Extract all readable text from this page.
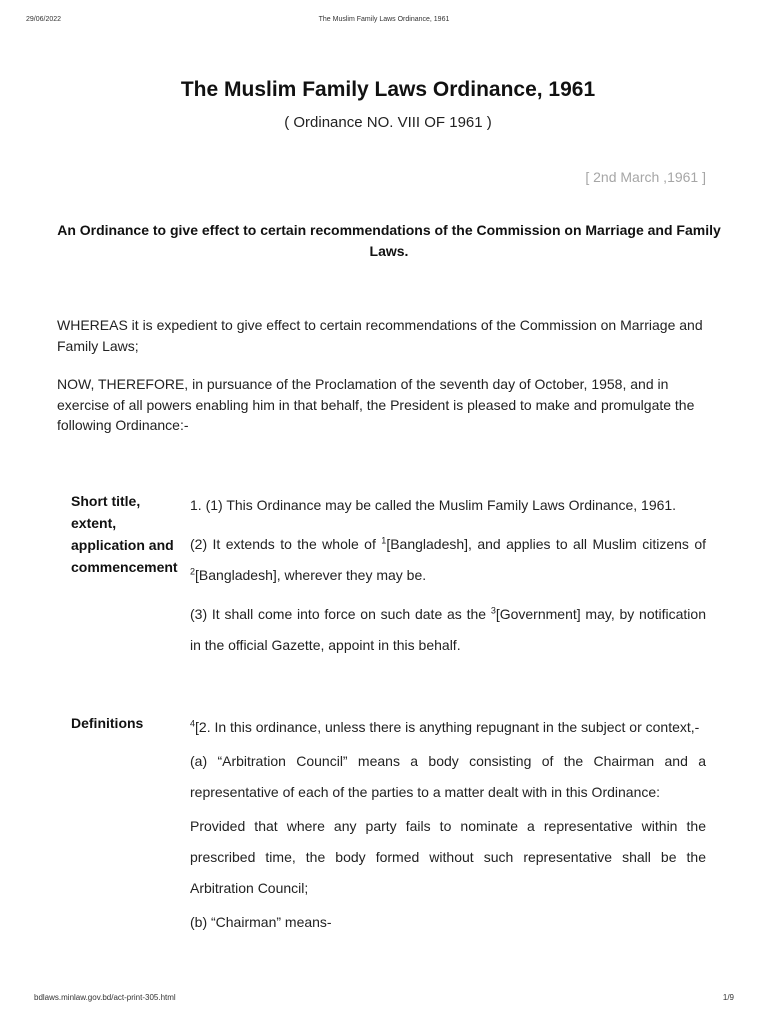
29/06/2022	The Muslim Family Laws Ordinance, 1961
The Muslim Family Laws Ordinance, 1961
( Ordinance NO. VIII OF 1961 )
[ 2nd March ,1961 ]
An Ordinance to give effect to certain recommendations of the Commission on Marriage and Family Laws.
WHEREAS it is expedient to give effect to certain recommendations of the Commission on Marriage and Family Laws;
NOW, THEREFORE, in pursuance of the Proclamation of the seventh day of October, 1958, and in exercise of all powers enabling him in that behalf, the President is pleased to make and promulgate the following Ordinance:-
Short title, extent, application and commencement

1. (1) This Ordinance may be called the Muslim Family Laws Ordinance, 1961.

(2) It extends to the whole of $^1$[Bangladesh], and applies to all Muslim citizens of $^2$[Bangladesh], wherever they may be.

(3) It shall come into force on such date as the $^3$[Government] may, by notification in the official Gazette, appoint in this behalf.

Definitions	$^4$[2. In this ordinance, unless there is anything repugnant in the subject or context,-

(a) “Arbitration Council” means a body consisting of the Chairman and a representative of each of the parties to a matter dealt with in this Ordinance:

Provided that where any party fails to nominate a representative within the prescribed time, the body formed without such representative shall be the Arbitration Council;

(b) “Chairman” means-

bdlaws.minlaw.gov.bd/act-print-305.html	1/9
